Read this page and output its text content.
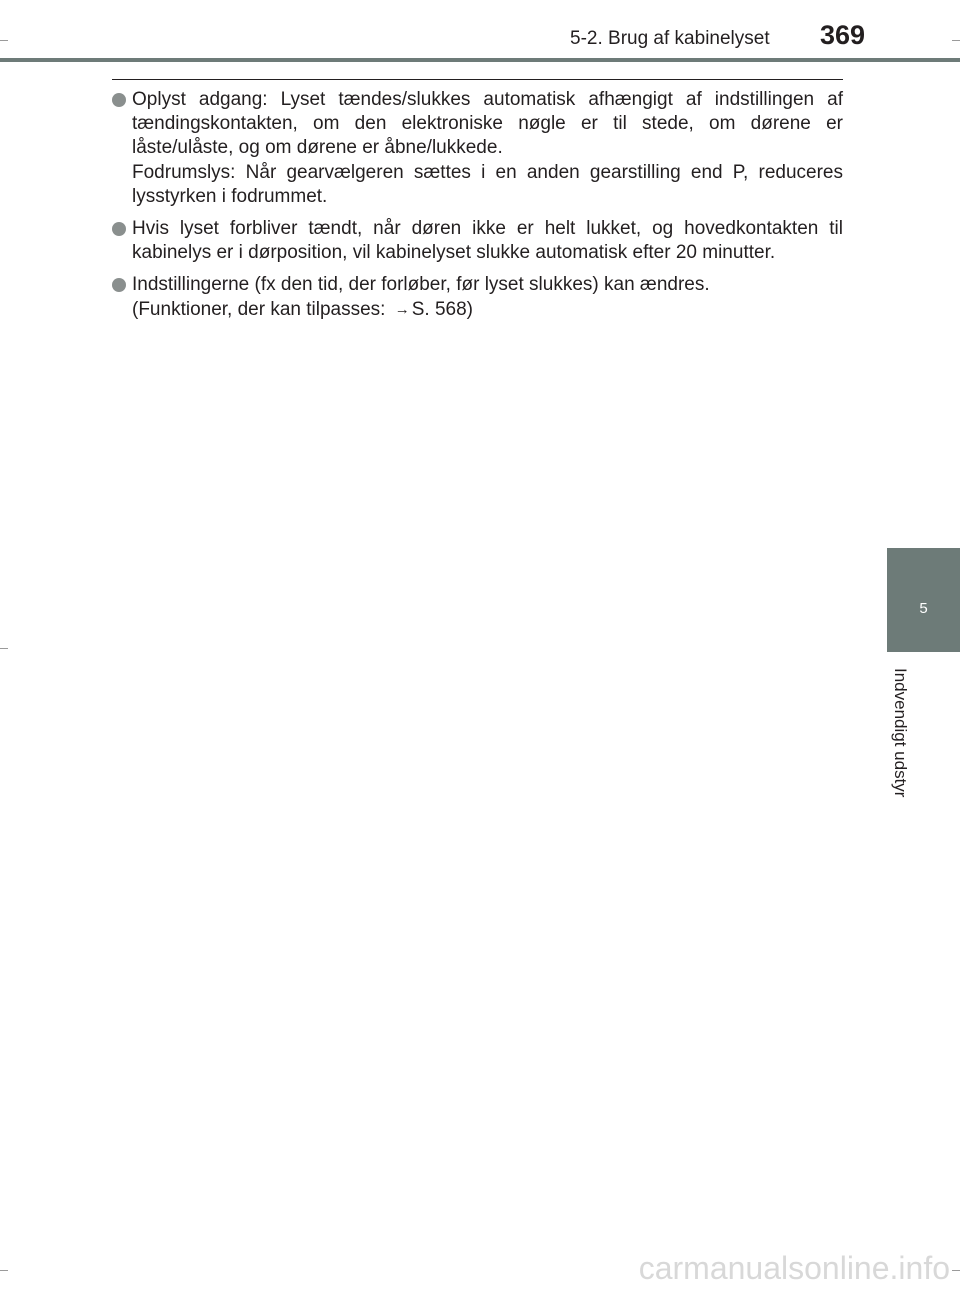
5-2. Brug af kabinelyset 369
5
Indvendigt udstyr
Oplyst adgang: Lyset tændes/slukkes automatisk afhængigt af indstillingen af tændingskontakten, om den elektroniske nøgle er til stede, om dørene er låste/ulåste, og om dørene er åbne/lukkede.
Fodrumslys: Når gearvælgeren sættes i en anden gearstilling end P, reduceres lysstyrken i fodrummet.
Hvis lyset forbliver tændt, når døren ikke er helt lukket, og hovedkontakten til kabinelys er i dørposition, vil kabinelyset slukke automatisk efter 20 minutter.
Indstillingerne (fx den tid, der forløber, før lyset slukkes) kan ændres.
(Funktioner, der kan tilpasses: → S. 568)
carmanualsonline.info
